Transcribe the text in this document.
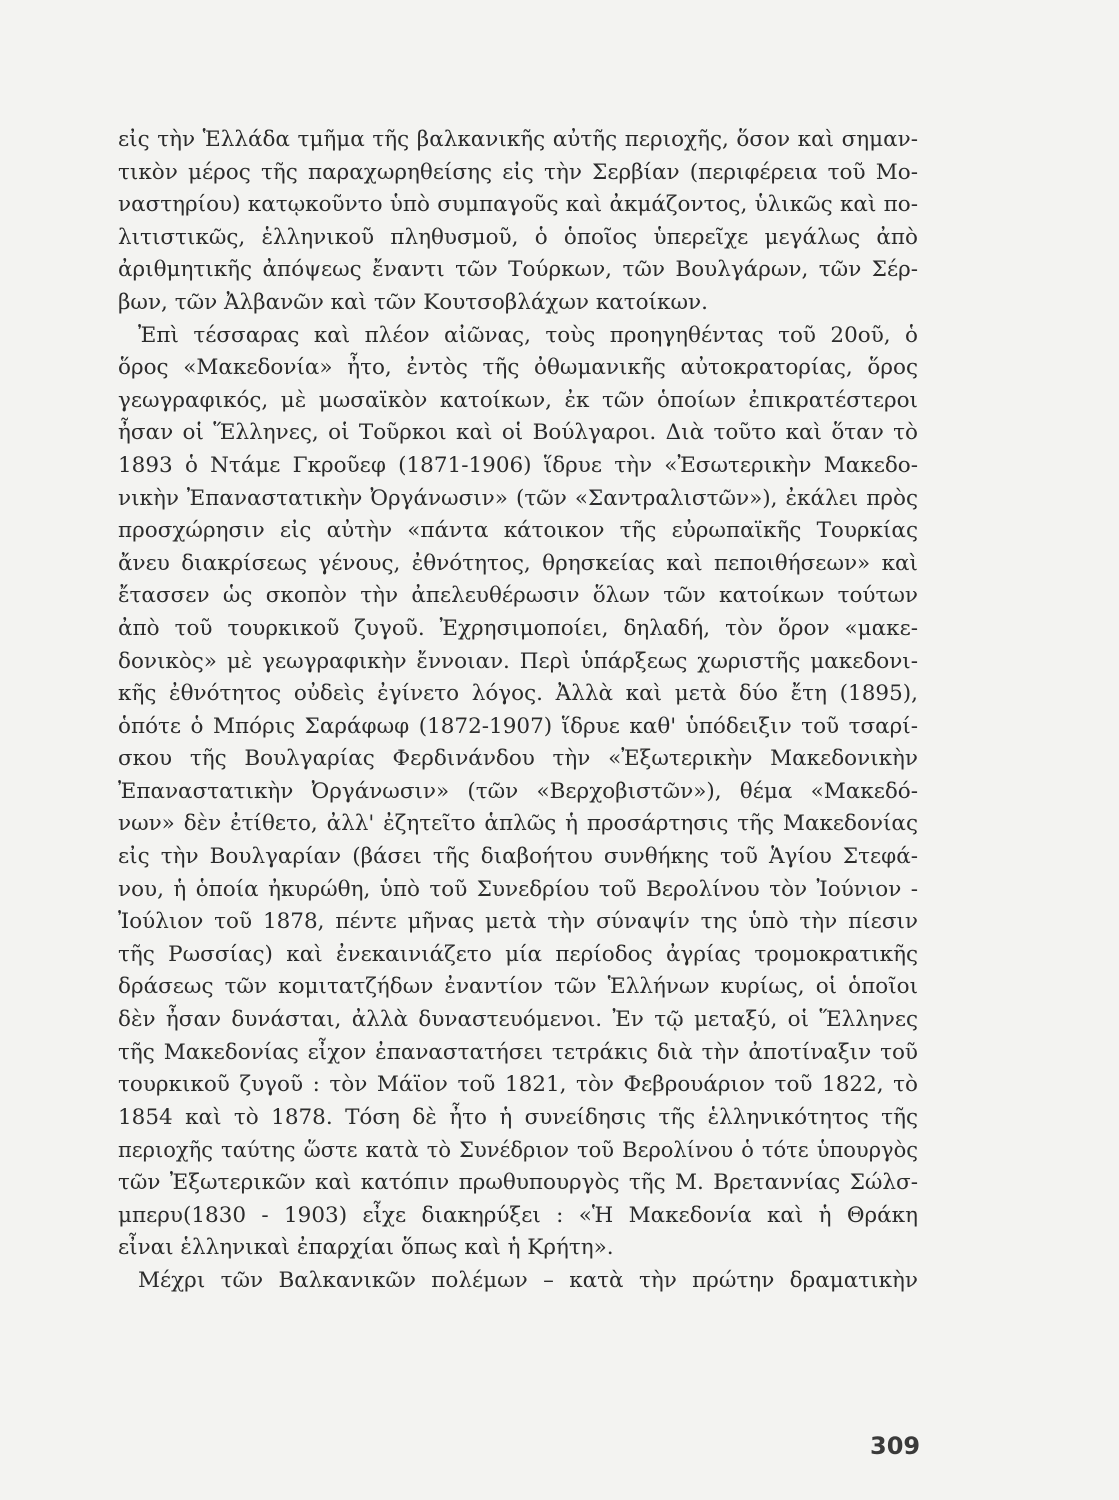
εἰς τὴν Ἑλλάδα τμῆμα τῆς βαλκανικῆς αὐτῆς περιοχῆς, ὅσον καὶ σημαν-
τικὸν μέρος τῆς παραχωρηθείσης εἰς τὴν Σερβίαν (περιφέρεια τοῦ Μο-
ναστηρίου) κατῳκοῦντο ὑπὸ συμπαγοῦς καὶ ἀκμάζοντος, ὑλικῶς καὶ πο-
λιτιστικῶς, ἑλληνικοῦ πληθυσμοῦ, ὁ ὁποῖος ὑπερεῖχε μεγάλως ἀπὸ
ἀριθμητικῆς ἀπόψεως ἔναντι τῶν Τούρκων, τῶν Βουλγάρων, τῶν Σέρ-
βων, τῶν Ἀλβανῶν καὶ τῶν Κουτσοβλάχων κατοίκων.
Ἐπὶ τέσσαρας καὶ πλέον αἰῶνας, τοὺς προηγηθέντας τοῦ 20οῦ, ὁ
ὅρος «Μακεδονία» ἦτο, ἐντὸς τῆς ὀθωμανικῆς αὐτοκρατορίας, ὅρος
γεωγραφικός, μὲ μωσαϊκὸν κατοίκων, ἐκ τῶν ὁποίων ἐπικρατέστεροι
ἦσαν οἱ Ἕλληνες, οἱ Τοῦρκοι καὶ οἱ Βούλγαροι. Διὰ τοῦτο καὶ ὅταν τὸ
1893 ὁ Ντάμε Γκροῦεφ (1871-1906) ἵδρυε τὴν «Ἐσωτερικὴν Μακεδο-
νικὴν Ἐπαναστατικὴν Ὀργάνωσιν» (τῶν «Σαντραλιστῶν»), ἐκάλει πρὸς
προσχώρησιν εἰς αὐτὴν «πάντα κάτοικον τῆς εὐρωπαϊκῆς Τουρκίας
ἄνευ διακρίσεως γένους, ἐθνότητος, θρησκείας καὶ πεποιθήσεων» καὶ
ἔτασσεν ὡς σκοπὸν τὴν ἀπελευθέρωσιν ὅλων τῶν κατοίκων τούτων
ἀπὸ τοῦ τουρκικοῦ ζυγοῦ. Ἐχρησιμοποίει, δηλαδή, τὸν ὅρον «μακε-
δονικὸς» μὲ γεωγραφικὴν ἔννοιαν. Περὶ ὑπάρξεως χωριστῆς μακεδονι-
κῆς ἐθνότητος οὐδεὶς ἐγίνετο λόγος. Ἀλλὰ καὶ μετὰ δύο ἔτη (1895),
ὁπότε ὁ Μπόρις Σαράφωφ (1872-1907) ἵδρυε καθ' ὑπόδειξιν τοῦ τσαρί-
σκου τῆς Βουλγαρίας Φερδινάνδου τὴν «Ἐξωτερικὴν Μακεδονικὴν
Ἐπαναστατικὴν Ὀργάνωσιν» (τῶν «Βερχοβιστῶν»), θέμα «Μακεδό-
νων» δὲν ἐτίθετο, ἀλλ' ἐζητεῖτο ἁπλῶς ἡ προσάρτησις τῆς Μακεδονίας
εἰς τὴν Βουλγαρίαν (βάσει τῆς διαβοήτου συνθήκης τοῦ Ἁγίου Στεφά-
νου, ἡ ὁποία ἠκυρώθη, ὑπὸ τοῦ Συνεδρίου τοῦ Βερολίνου τὸν Ἰούνιον -
Ἰούλιον τοῦ 1878, πέντε μῆνας μετὰ τὴν σύναψίν της ὑπὸ τὴν πίεσιν
τῆς Ρωσσίας) καὶ ἐνεκαινιάζετο μία περίοδος ἀγρίας τρομοκρατικῆς
δράσεως τῶν κομιτατζήδων ἐναντίον τῶν Ἑλλήνων κυρίως, οἱ ὁποῖοι
δὲν ἦσαν δυνάσται, ἀλλὰ δυναστευόμενοι. Ἐν τῷ μεταξύ, οἱ Ἕλληνες
τῆς Μακεδονίας εἶχον ἐπαναστατήσει τετράκις διὰ τὴν ἀποτίναξιν τοῦ
τουρκικοῦ ζυγοῦ : τὸν Μάϊον τοῦ 1821, τὸν Φεβρουάριον τοῦ 1822, τὸ
1854 καὶ τὸ 1878. Τόση δὲ ἦτο ἡ συνείδησις τῆς ἑλληνικότητος τῆς
περιοχῆς ταύτης ὥστε κατὰ τὸ Συνέδριον τοῦ Βερολίνου ὁ τότε ὑπουργὸς
τῶν Ἐξωτερικῶν καὶ κατόπιν πρωθυπουργὸς τῆς Μ. Βρεταννίας Σώλσ-
μπερυ(1830 - 1903) εἶχε διακηρύξει : «Ἡ Μακεδονία καὶ ἡ Θράκη
εἶναι ἑλληνικαὶ ἐπαρχίαι ὅπως καὶ ἡ Κρήτη».
Μέχρι τῶν Βαλκανικῶν πολέμων – κατὰ τὴν πρώτην δραματικὴν
309
